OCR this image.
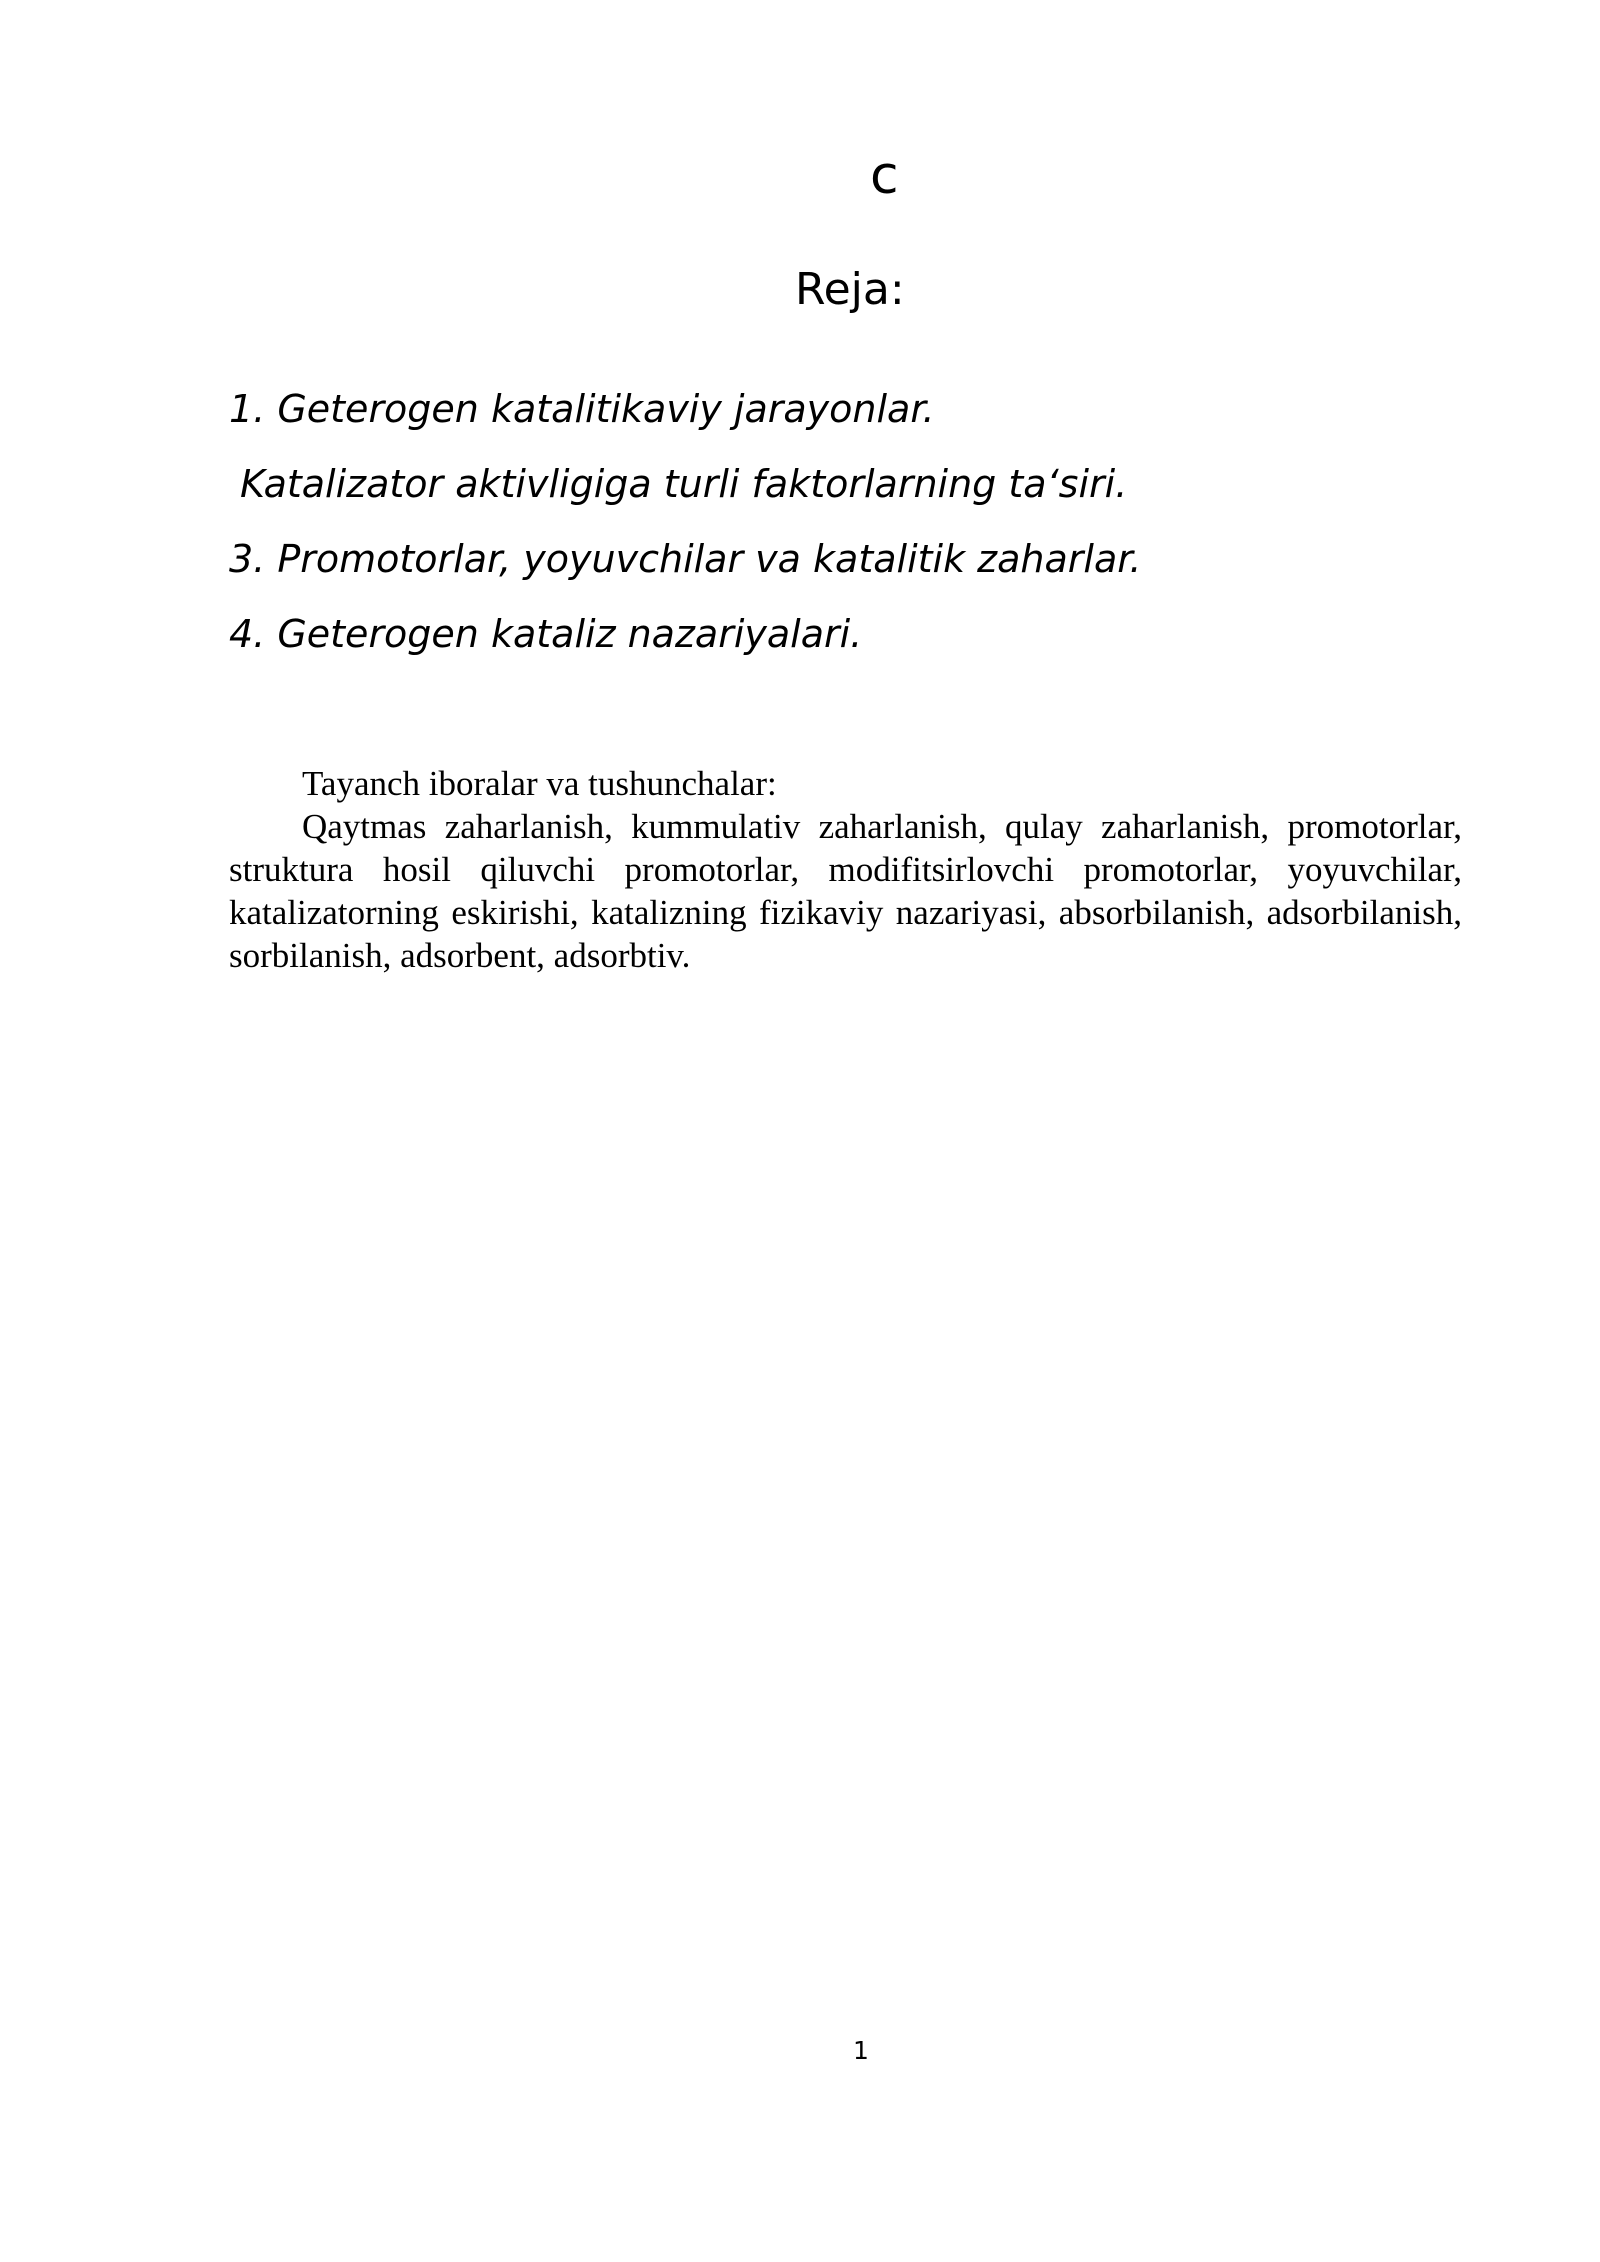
c
Reja:
1. Geterogen katalitikaviy jarayonlar.
Katalizator aktivligiga turli faktorlarning ta‘siri.
3. Promotorlar, yoyuvchilar va katalitik zaharlar.
4. Geterogen kataliz nazariyalari.
Tayanch iboralar va tushunchalar:

Qaytmas zaharlanish, kummulativ zaharlanish, qulay zaharlanish, promotorlar, struktura hosil qiluvchi promotorlar, modifitsirlovchi promotorlar, yoyuvchilar, katalizatorning eskirishi, katalizning fizikaviy nazariyasi, absorbilanish, adsorbilanish, sorbilanish, adsorbent, adsorbtiv.

1
